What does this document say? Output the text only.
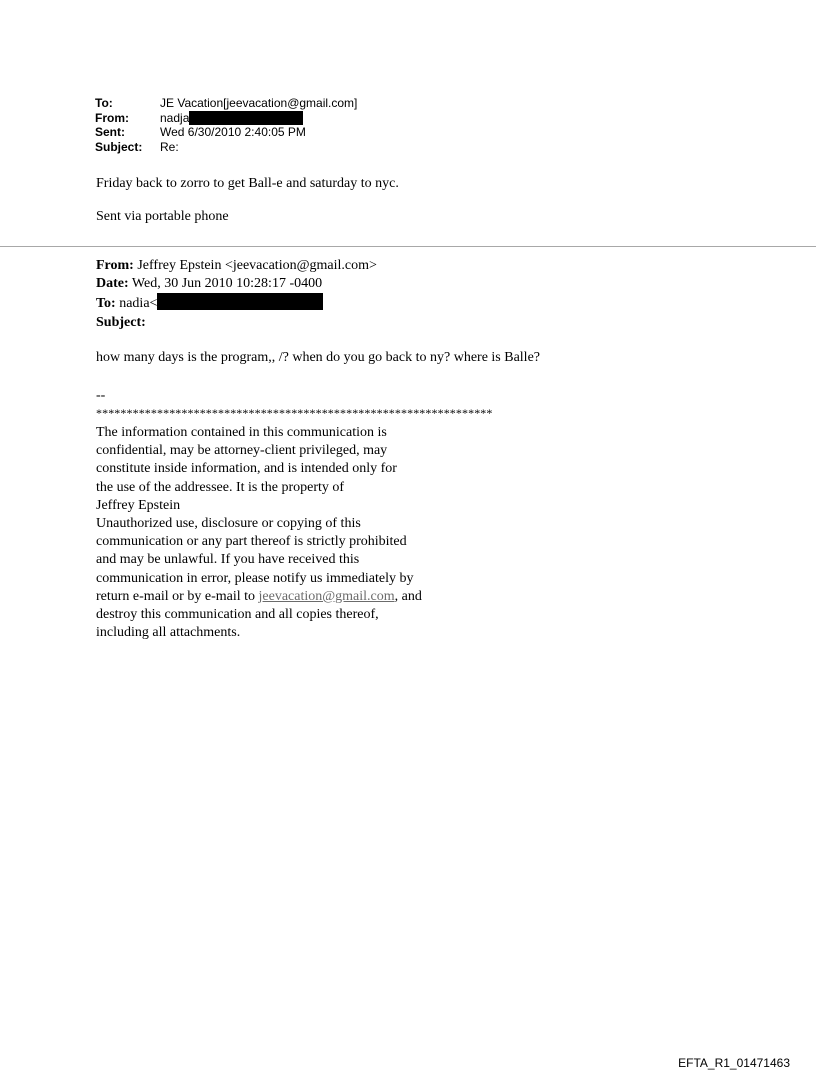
To:	JE Vacation[jeevacation@gmail.com]
From:	nadja
Sent:	Wed 6/30/2010 2:40:05 PM
Subject:	Re:
Friday back to zorro to get Ball-e and saturday to nyc.
Sent via portable phone
From: Jeffrey Epstein <jeevacation@gmail.com>
Date: Wed, 30 Jun 2010 10:28:17 -0400
To: nadia<
Subject:
how many days is the program,, /? when do you go back to ny? where is Balle?
--
*****************************************************************
The information contained in this communication is
confidential, may be attorney-client privileged, may
constitute inside information, and is intended only for
the use of the addressee. It is the property of
Jeffrey Epstein
Unauthorized use, disclosure or copying of this
communication or any part thereof is strictly prohibited
and may be unlawful. If you have received this
communication in error, please notify us immediately by
return e-mail or by e-mail to jeevacation@gmail.com, and
destroy this communication and all copies thereof,
including all attachments.
EFTA_R1_01471463
